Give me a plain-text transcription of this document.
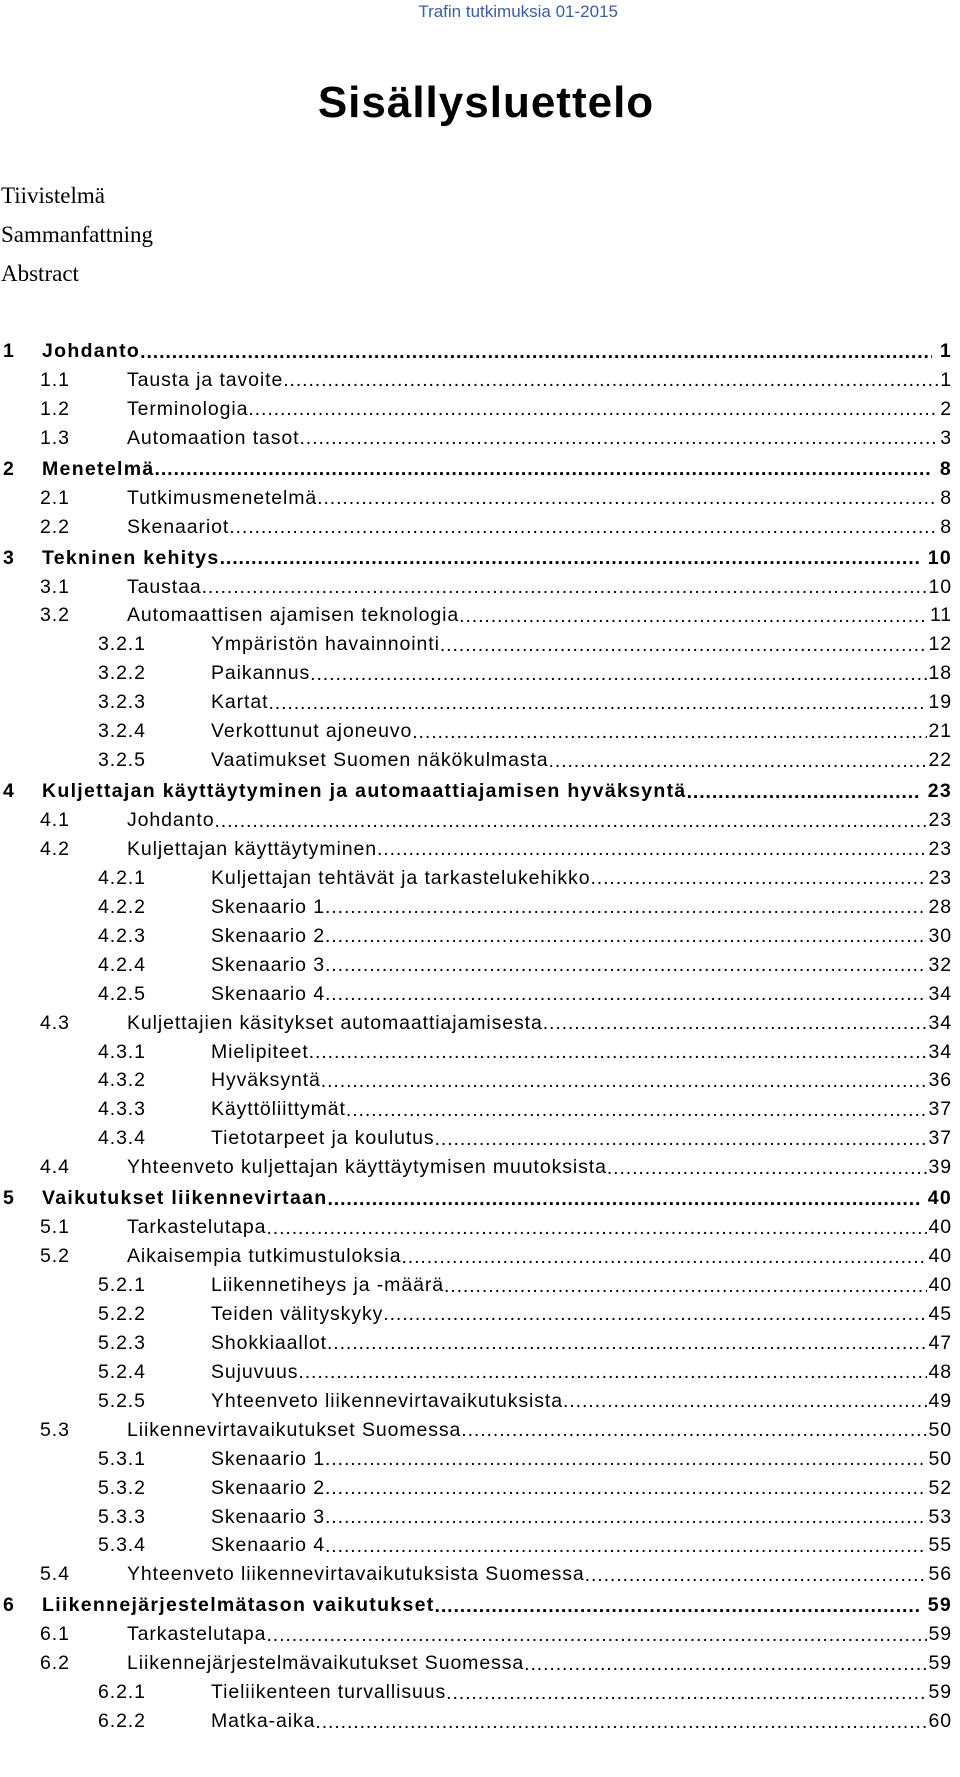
Trafin tutkimuksia 01-2015
Sisällysluettelo
Tiivistelmä
Sammanfattning
Abstract
1 Johdanto .....	1
1.1	Tausta ja tavoite .....	1
1.2	Terminologia .....	2
1.3	Automaation tasot .....	3
2 Menetelmä .....	8
2.1	Tutkimusmenetelmä .....	8
2.2	Skenaariot .....	8
3 Tekninen kehitys .....	10
3.1	Taustaa .....	10
3.2	Automaattisen ajamisen teknologia .....	11
3.2.1	Ympäristön havainnointi .....	12
3.2.2	Paikannus .....	18
3.2.3	Kartat .....	19
3.2.4	Verkottunut ajoneuvo .....	21
3.2.5	Vaatimukset Suomen näkökulmasta .....	22
4 Kuljettajan käyttäytyminen ja automaattiajamisen hyväksyntä .....	23
4.1	Johdanto .....	23
4.2	Kuljettajan käyttäytyminen .....	23
4.2.1	Kuljettajan tehtävät ja tarkastelukehikko .....	23
4.2.2	Skenaario 1 .....	28
4.2.3	Skenaario 2 .....	30
4.2.4	Skenaario 3 .....	32
4.2.5	Skenaario 4 .....	34
4.3	Kuljettajien käsitykset automaattiajamisesta .....	34
4.3.1	Mielipiteet .....	34
4.3.2	Hyväksyntä .....	36
4.3.3	Käyttöliittymät .....	37
4.3.4	Tietotarpeet ja koulutus .....	37
4.4	Yhteenveto kuljettajan käyttäytymisen muutoksista .....	39
5 Vaikutukset liikennevirtaan .....	40
5.1	Tarkastelutapa .....	40
5.2	Aikaisempia tutkimustuloksia .....	40
5.2.1	Liikennetiheys ja -määrä .....	40
5.2.2	Teiden välityskyky .....	45
5.2.3	Shokkiaallot .....	47
5.2.4	Sujuvuus .....	48
5.2.5	Yhteenveto liikennevirtavaikutuksista .....	49
5.3	Liikennevirtavaikutukset Suomessa .....	50
5.3.1	Skenaario 1 .....	50
5.3.2	Skenaario 2 .....	52
5.3.3	Skenaario 3 .....	53
5.3.4	Skenaario 4 .....	55
5.4	Yhteenveto liikennevirtavaikutuksista Suomessa .....	56
6 Liikennejärjestelmätason vaikutukset .....	59
6.1	Tarkastelutapa .....	59
6.2	Liikennejärjestelmävaikutukset Suomessa .....	59
6.2.1	Tieliikenteen turvallisuus .....	59
6.2.2	Matka-aika .....	60
